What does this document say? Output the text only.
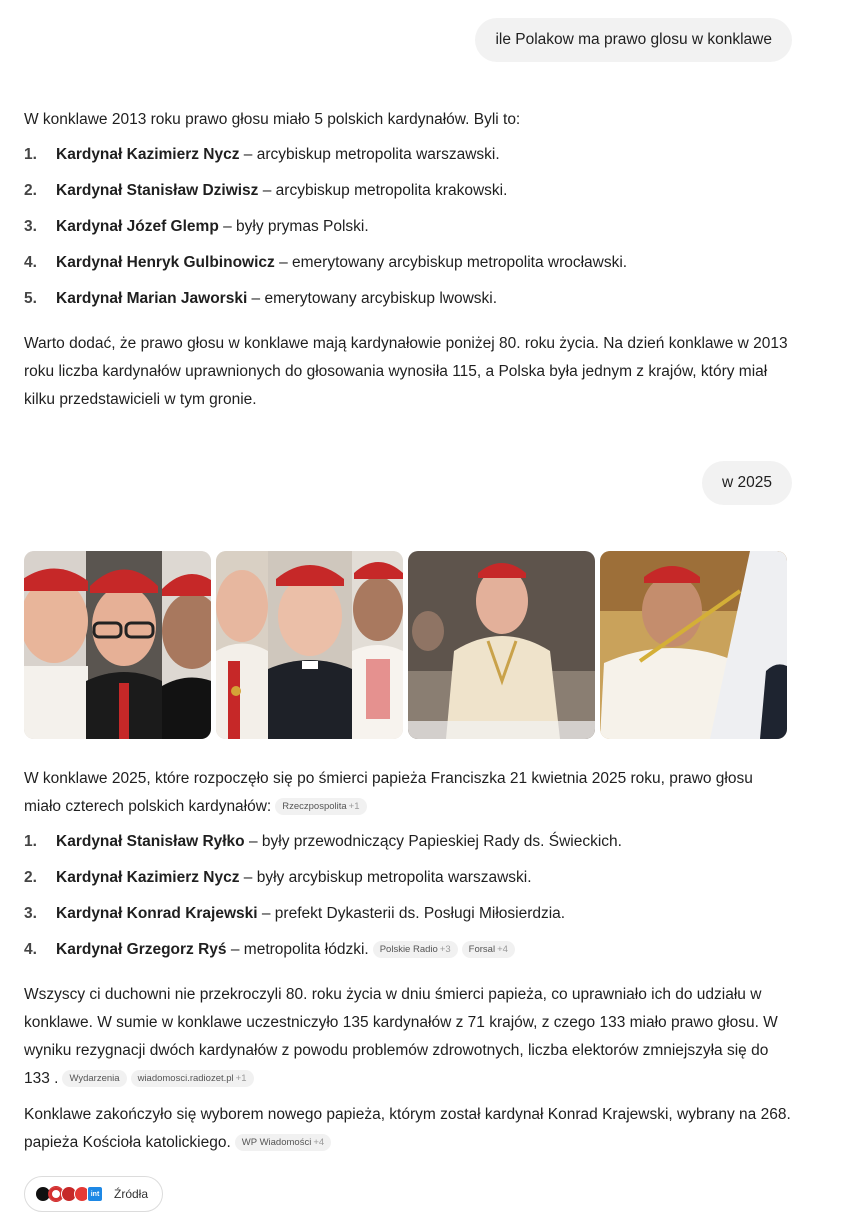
ile Polakow ma prawo glosu w konklawe

W konklawe 2013 roku prawo głosu miało 5 polskich kardynałów. Byli to:

1.	Kardynał Kazimierz Nycz – arcybiskup metropolita warszawski.
2.	Kardynał Stanisław Dziwisz – arcybiskup metropolita krakowski.
3.	Kardynał Józef Glemp – były prymas Polski.
4.	Kardynał Henryk Gulbinowicz – emerytowany arcybiskup metropolita wrocławski.
5.	Kardynał Marian Jaworski – emerytowany arcybiskup lwowski.

Warto dodać, że prawo głosu w konklawe mają kardynałowie poniżej 80. roku życia. Na dzień konklawe w 2013 roku liczba kardynałów uprawnionych do głosowania wynosiła 115, a Polska była jednym z krajów, który miał kilku przedstawicieli w tym gronie.

w 2025

W konklawe 2025, które rozpoczęło się po śmierci papieża Franciszka 21 kwietnia 2025 roku, prawo głosu miało czterech polskich kardynałów: Rzeczpospolita +1

1.	Kardynał Stanisław Ryłko – były przewodniczący Papieskiej Rady ds. Świeckich.
2.	Kardynał Kazimierz Nycz – były arcybiskup metropolita warszawski.
3.	Kardynał Konrad Krajewski – prefekt Dykasterii ds. Posługi Miłosierdzia.
4.	Kardynał Grzegorz Ryś – metropolita łódzki. Polskie Radio +3 Forsal +4

Wszyscy ci duchowni nie przekroczyli 80. roku życia w dniu śmierci papieża, co uprawniało ich do udziału w konklawe. W sumie w konklawe uczestniczyło 135 kardynałów z 71 krajów, z czego 133 miało prawo głosu. W wyniku rezygnacji dwóch kardynałów z powodu problemów zdrowotnych, liczba elektorów zmniejszyła się do 133 . Wydarzenia wiadomosci.radiozet.pl +1

Konklawe zakończyło się wyborem nowego papieża, którym został kardynał Konrad Krajewski, wybrany na 268. papieża Kościoła katolickiego. WP Wiadomości +4

int	Źródła
